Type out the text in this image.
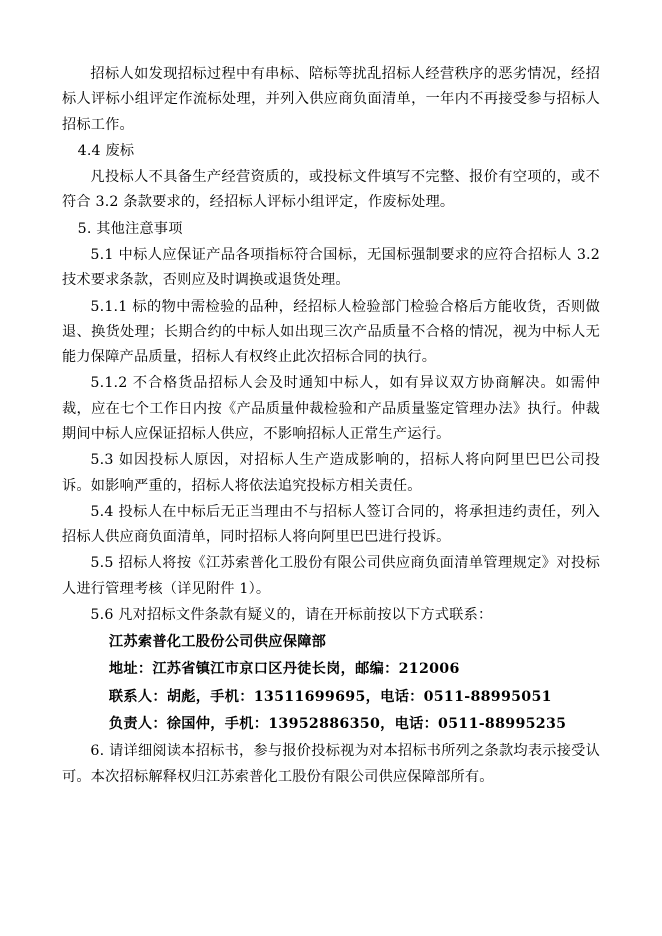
招标人如发现招标过程中有串标、陪标等扰乱招标人经营秩序的恶劣情况，经招标人评标小组评定作流标处理，并列入供应商负面清单，一年内不再接受参与招标人招标工作。

4.4 废标

凡投标人不具备生产经营资质的，或投标文件填写不完整、报价有空项的，或不符合 3.2 条款要求的，经招标人评标小组评定，作废标处理。

5. 其他注意事项

5.1 中标人应保证产品各项指标符合国标，无国标强制要求的应符合招标人 3.2 技术要求条款，否则应及时调换或退货处理。

5.1.1 标的物中需检验的品种，经招标人检验部门检验合格后方能收货，否则做退、换货处理；长期合约的中标人如出现三次产品质量不合格的情况，视为中标人无能力保障产品质量，招标人有权终止此次招标合同的执行。

5.1.2 不合格货品招标人会及时通知中标人，如有异议双方协商解决。如需仲裁，应在七个工作日内按《产品质量仲裁检验和产品质量鉴定管理办法》执行。仲裁期间中标人应保证招标人供应，不影响招标人正常生产运行。

5.3 如因投标人原因，对招标人生产造成影响的，招标人将向阿里巴巴公司投诉。如影响严重的，招标人将依法追究投标方相关责任。

5.4 投标人在中标后无正当理由不与招标人签订合同的，将承担违约责任，列入招标人供应商负面清单，同时招标人将向阿里巴巴进行投诉。

5.5 招标人将按《江苏索普化工股份有限公司供应商负面清单管理规定》对投标人进行管理考核（详见附件 1）。

5.6 凡对招标文件条款有疑义的，请在开标前按以下方式联系：

江苏索普化工股份公司供应保障部

地址：江苏省镇江市京口区丹徒长岗，邮编：212006

联系人：胡彪，手机：13511699695，电话：0511-88995051

负责人：徐国仲，手机：13952886350，电话：0511-88995235

6. 请详细阅读本招标书，参与报价投标视为对本招标书所列之条款均表示接受认可。本次招标解释权归江苏索普化工股份有限公司供应保障部所有。
